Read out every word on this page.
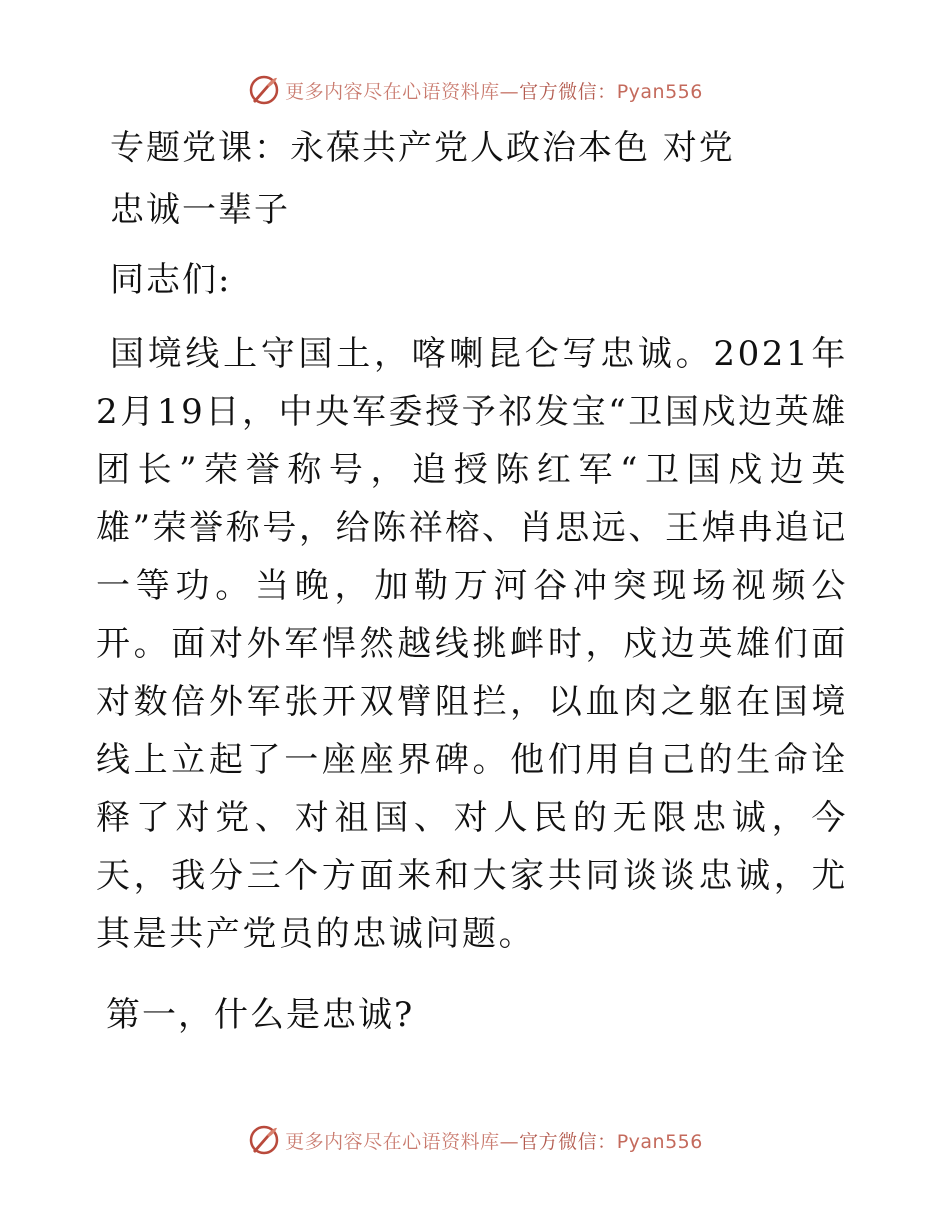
更多内容尽在心语资料库—官方微信：Pyan556
专题党课：永葆共产党人政治本色 对党
忠诚一辈子
同志们:

国境线上守国土，喀喇昆仑写忠诚。2021年2月19日，中央军委授予祁发宝“卫国戍边英雄团长”荣誉称号，追授陈红军“卫国戍边英雄”荣誉称号，给陈祥榕、肖思远、王焯冉追记一等功。当晚，加勒万河谷冲突现场视频公开。面对外军悍然越线挑衅时，戍边英雄们面对数倍外军张开双臂阻拦，以血肉之躯在国境线上立起了一座座界碑。他们用自己的生命诠释了对党、对祖国、对人民的无限忠诚，今天，我分三个方面来和大家共同谈谈忠诚，尤其是共产党员的忠诚问题。

第一，什么是忠诚?
更多内容尽在心语资料库—官方微信：Pyan556
